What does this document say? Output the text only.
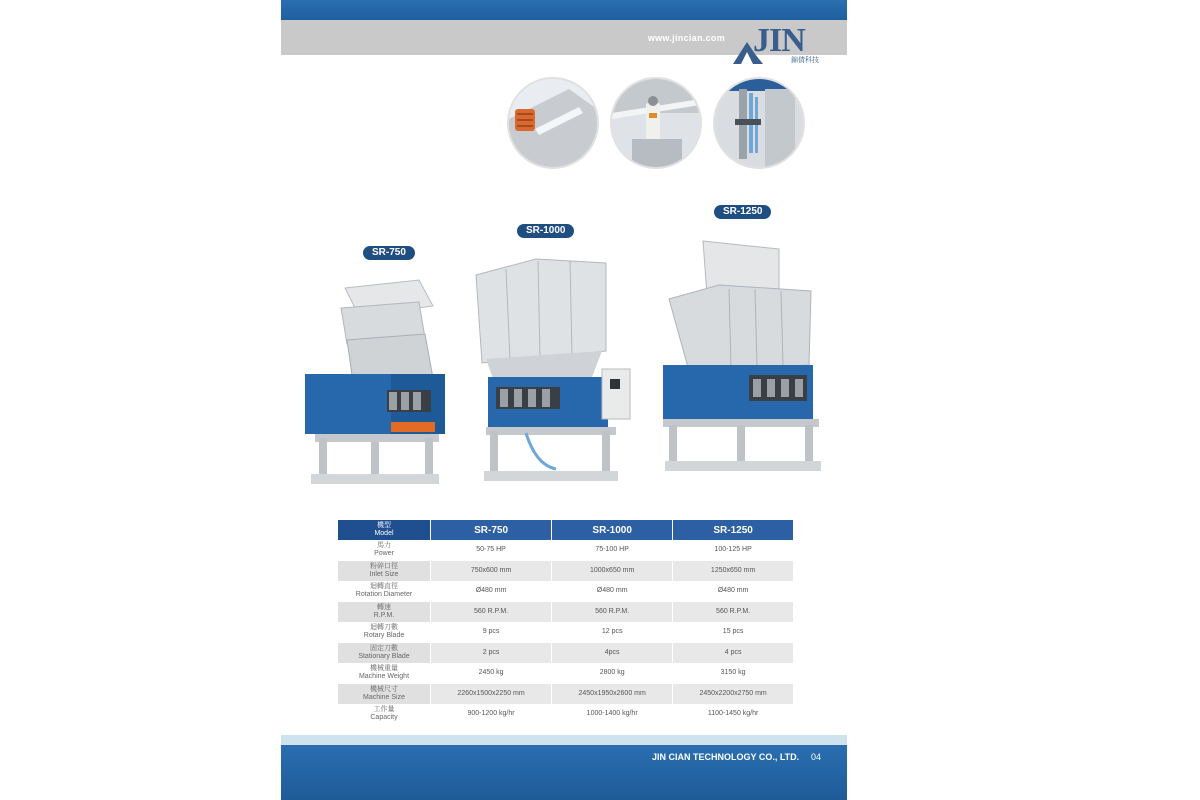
www.jincian.com JIN
錦倩科技
SR-750
SR-1000
SR-1250
機型
Model	SR-750	SR-1000	SR-1250

馬力
Power	50-75 HP	75-100 HP	100-125 HP

粉碎口徑
Inlet Size	750x600 mm	1000x650 mm	1250x650 mm

迴轉直徑
Rotation Diameter	Ø480 mm	Ø480 mm	Ø480 mm

轉速
R.P.M.	560 R.P.M.	560 R.P.M.	560 R.P.M.

迴轉刀數
Rotary Blade	9 pcs	12 pcs	15 pcs

固定刀數
Stationary Blade	2 pcs	4pcs	4 pcs

機械重量
Machine Weight	2450 kg	2800 kg	3150 kg

機械尺寸
Machine Size	2260x1500x2250 mm	2450x1950x2600 mm	2450x2200x2750 mm

工作量
Capacity	900-1200 kg/hr	1000-1400 kg/hr	1100-1450 kg/hr
JIN CIAN TECHNOLOGY CO., LTD. 04
